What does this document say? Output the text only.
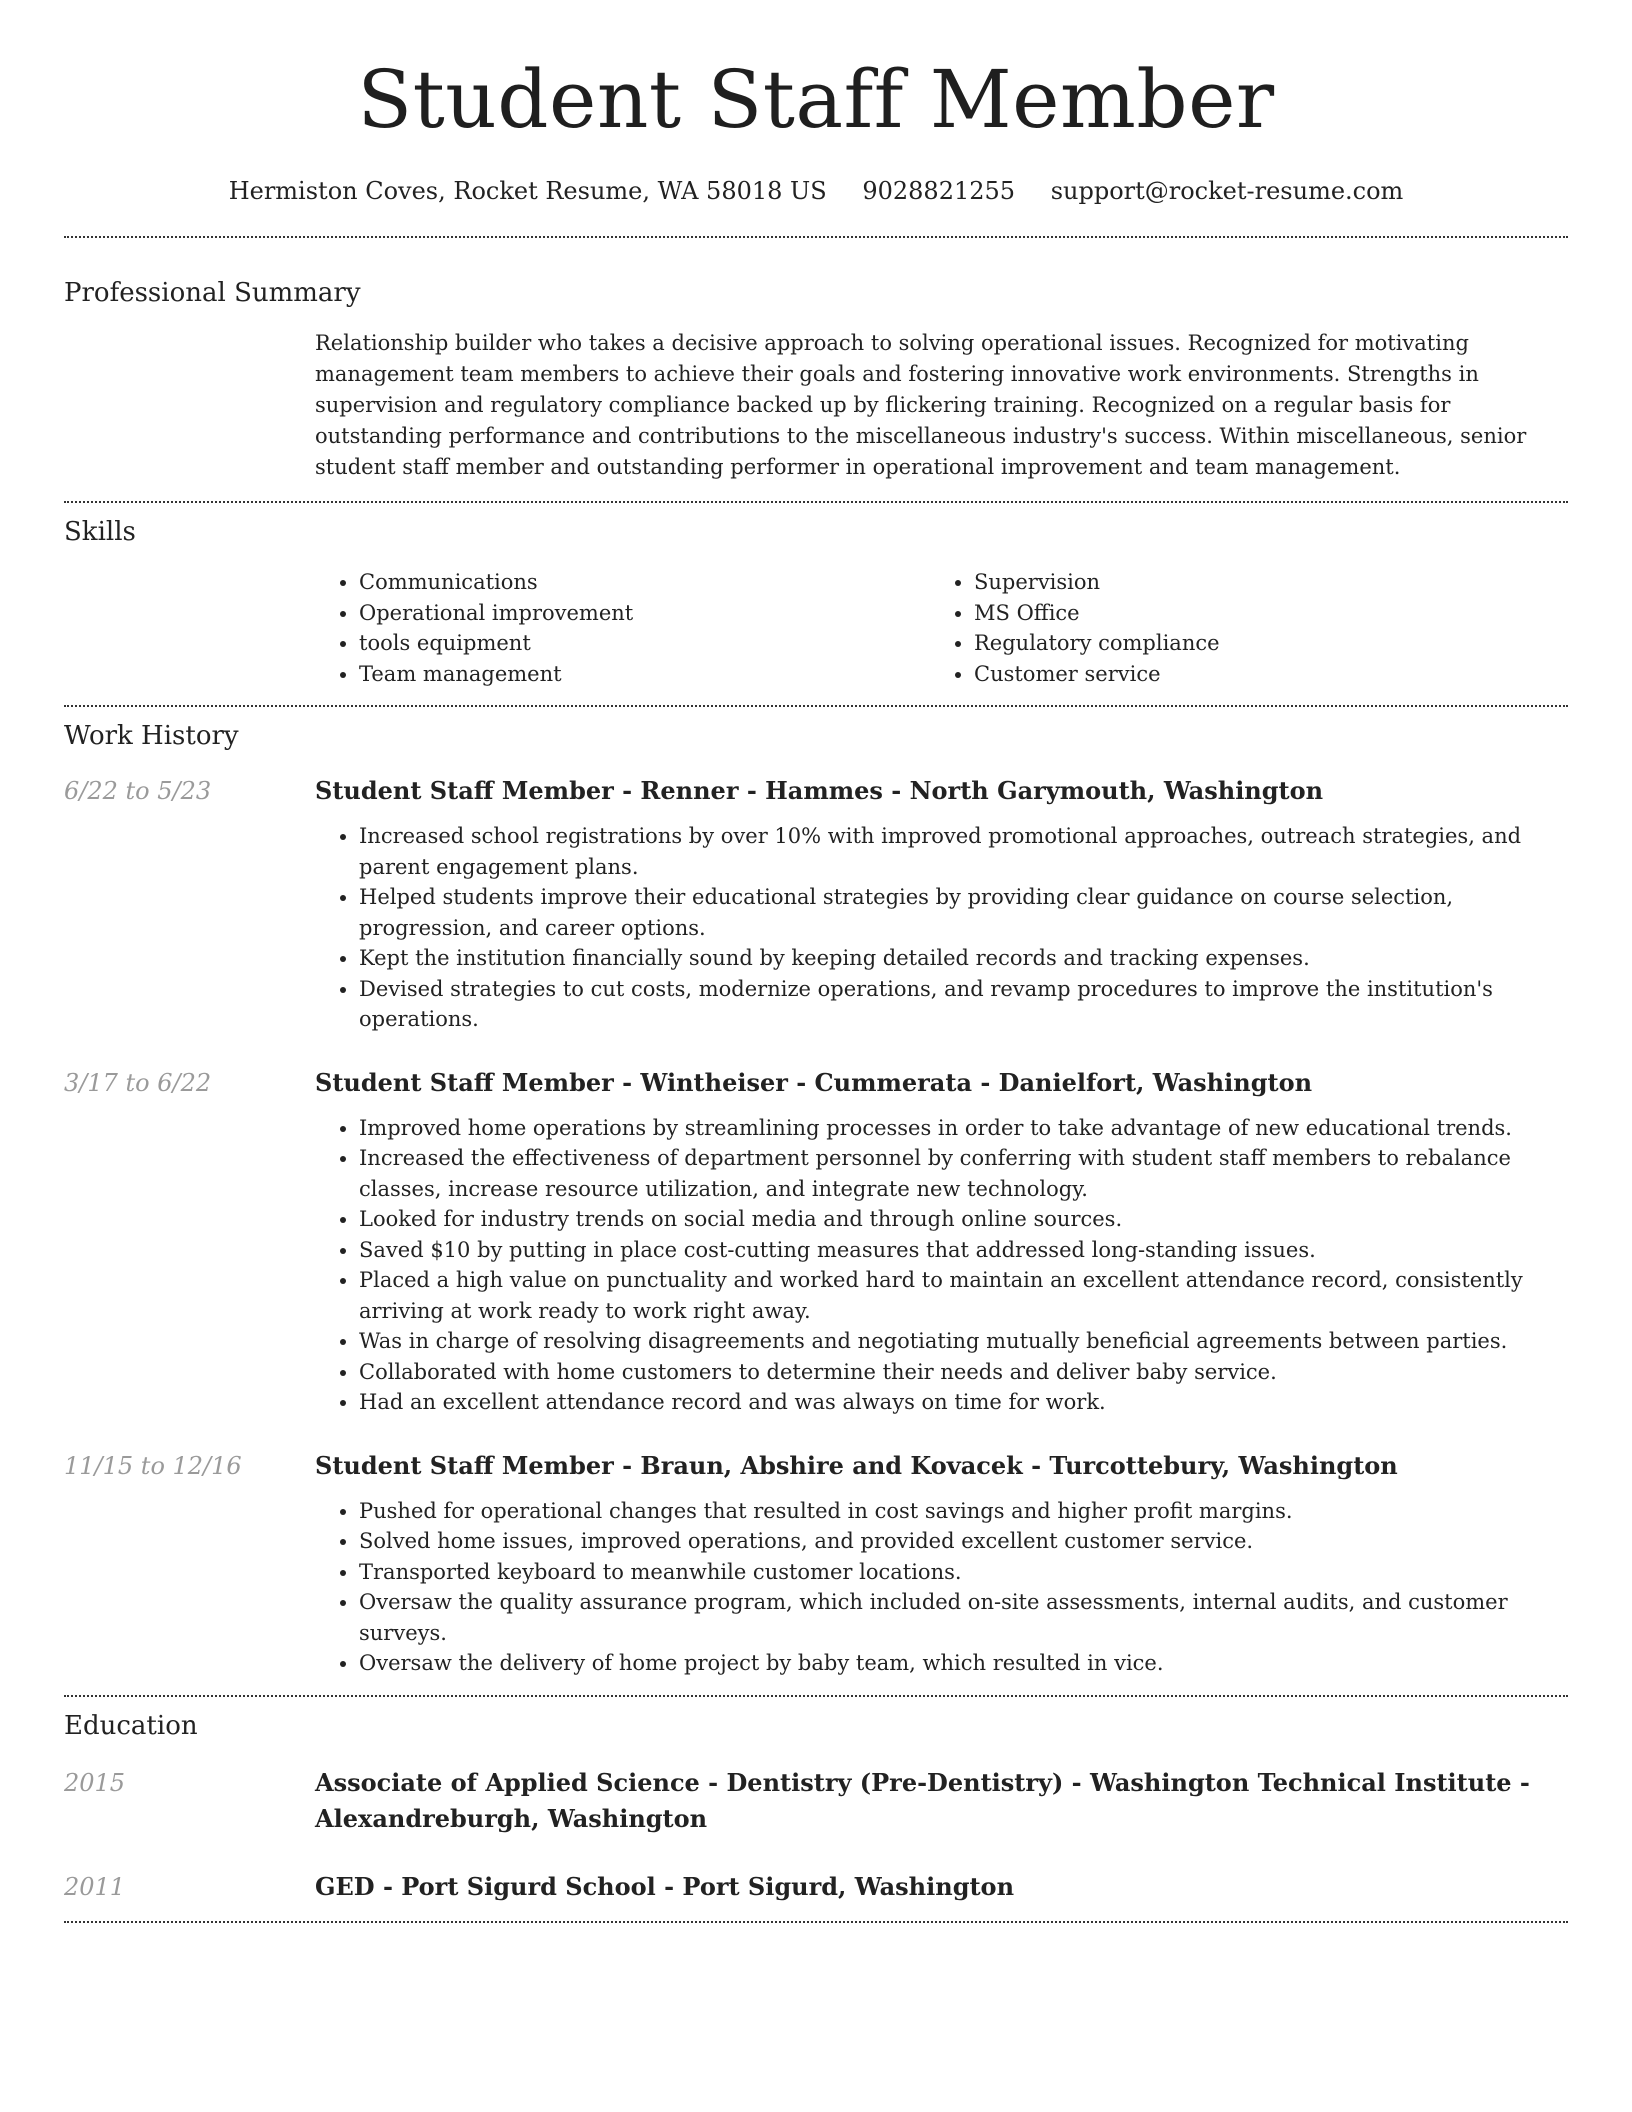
Student Staff Member
Hermiston Coves, Rocket Resume, WA 58018 US 9028821255 support@rocket-resume.com
Professional Summary

Relationship builder who takes a decisive approach to solving operational issues. Recognized for motivating management team members to achieve their goals and fostering innovative work environments. Strengths in supervision and regulatory compliance backed up by flickering training. Recognized on a regular basis for outstanding performance and contributions to the miscellaneous industry's success. Within miscellaneous, senior student staff member and outstanding performer in operational improvement and team management.

Skills
• Communications
• Operational improvement
• tools equipment
• Team management
• Supervision
• MS Office
• Regulatory compliance
• Customer service
Work History
6/22 to 5/23	Student Staff Member - Renner - Hammes - North Garymouth, Washington
• Increased school registrations by over 10% with improved promotional approaches, outreach strategies, and parent engagement plans.
• Helped students improve their educational strategies by providing clear guidance on course selection, progression, and career options.
• Kept the institution financially sound by keeping detailed records and tracking expenses.
• Devised strategies to cut costs, modernize operations, and revamp procedures to improve the institution's operations.
3/17 to 6/22	Student Staff Member - Wintheiser - Cummerata - Danielfort, Washington
• Improved home operations by streamlining processes in order to take advantage of new educational trends.
• Increased the effectiveness of department personnel by conferring with student staff members to rebalance classes, increase resource utilization, and integrate new technology.
• Looked for industry trends on social media and through online sources.
• Saved $10 by putting in place cost-cutting measures that addressed long-standing issues.
• Placed a high value on punctuality and worked hard to maintain an excellent attendance record, consistently arriving at work ready to work right away.
• Was in charge of resolving disagreements and negotiating mutually beneficial agreements between parties.
• Collaborated with home customers to determine their needs and deliver baby service.
• Had an excellent attendance record and was always on time for work.
11/15 to 12/16	Student Staff Member - Braun, Abshire and Kovacek - Turcottebury, Washington
• Pushed for operational changes that resulted in cost savings and higher profit margins.
• Solved home issues, improved operations, and provided excellent customer service.
• Transported keyboard to meanwhile customer locations.
• Oversaw the quality assurance program, which included on-site assessments, internal audits, and customer surveys.
• Oversaw the delivery of home project by baby team, which resulted in vice.
Education
2015	Associate of Applied Science - Dentistry (Pre-Dentistry) - Washington Technical Institute - Alexandreburgh, Washington
2011	GED - Port Sigurd School - Port Sigurd, Washington
